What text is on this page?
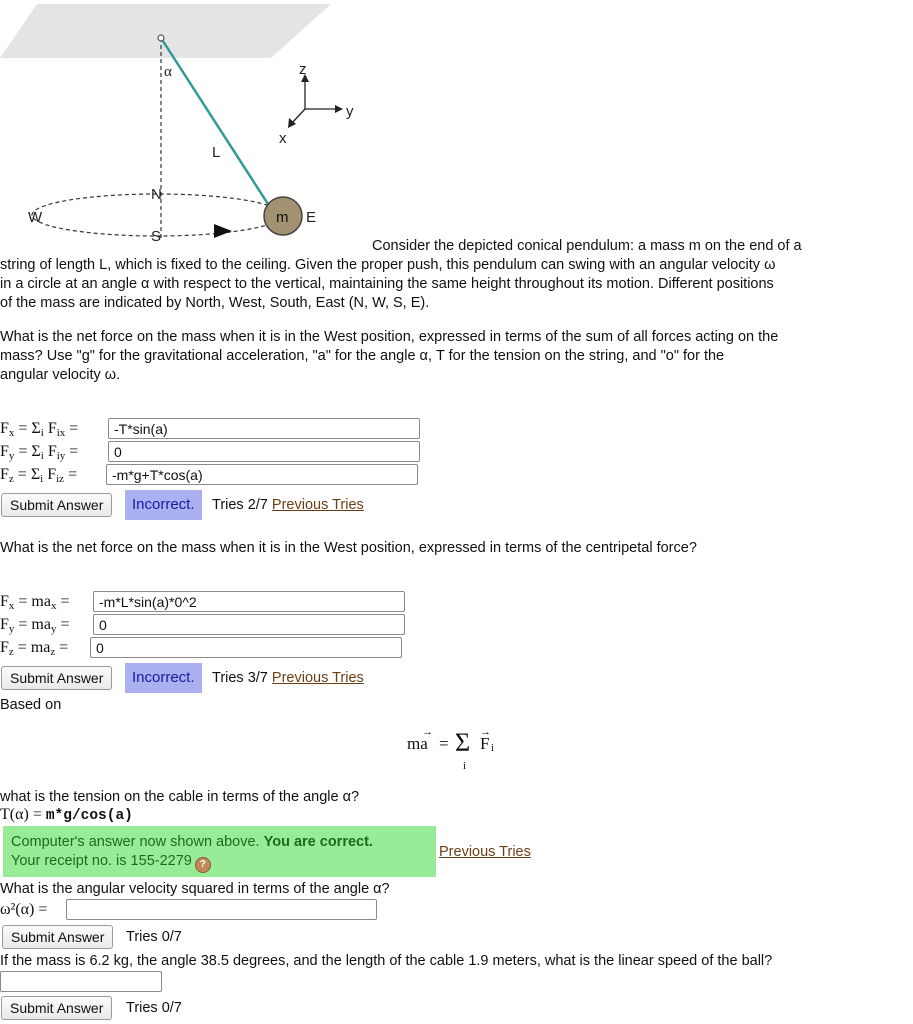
α	z
y
x
L
N
S
W	E
m
Consider the depicted conical pendulum: a mass m on the end of a
string of length L, which is fixed to the ceiling. Given the proper push, this pendulum can swing with an angular velocity ω
in a circle at an angle α with respect to the vertical, maintaining the same height throughout its motion. Different positions
of the mass are indicated by North, West, South, East (N, W, S, E).
What is the net force on the mass when it is in the West position, expressed in terms of the sum of all forces acting on the
mass? Use "g" for the gravitational acceleration, "a" for the angle α, T for the tension on the string, and "o" for the
angular velocity ω.
$F_x = \Sigma_i$ $F_{ix}$ =
-T*sin(a)
$F_y = \Sigma_i$ $F_{iy}$ =
0
$F_z = \Sigma_i$ $F_{iz}$ =
-m*g+T*cos(a)
Submit Answer	Incorrect.	Tries 2/7 Previous Tries
What is the net force on the mass when it is in the West position, expressed in terms of the centripetal force?
$F_x = ma_x$ =
-m*L*sin(a)*0^2
$F_y = ma_y$ =
0
$F_z = ma_z$ =
0
Submit Answer	Incorrect.	Tries 3/7 Previous Tries
Based on
ma
→
= Σ F
→
i
i
what is the tension on the cable in terms of the angle α?
T(α) = m*g/cos(a)
Computer's answer now shown above. You are correct.
Your receipt no. is 155-2279 ?
Previous Tries
What is the angular velocity squared in terms of the angle α?
ω²(α) =
Submit Answer	Tries 0/7
If the mass is 6.2 kg, the angle 38.5 degrees, and the length of the cable 1.9 meters, what is the linear speed of the ball?
Submit Answer	Tries 0/7
